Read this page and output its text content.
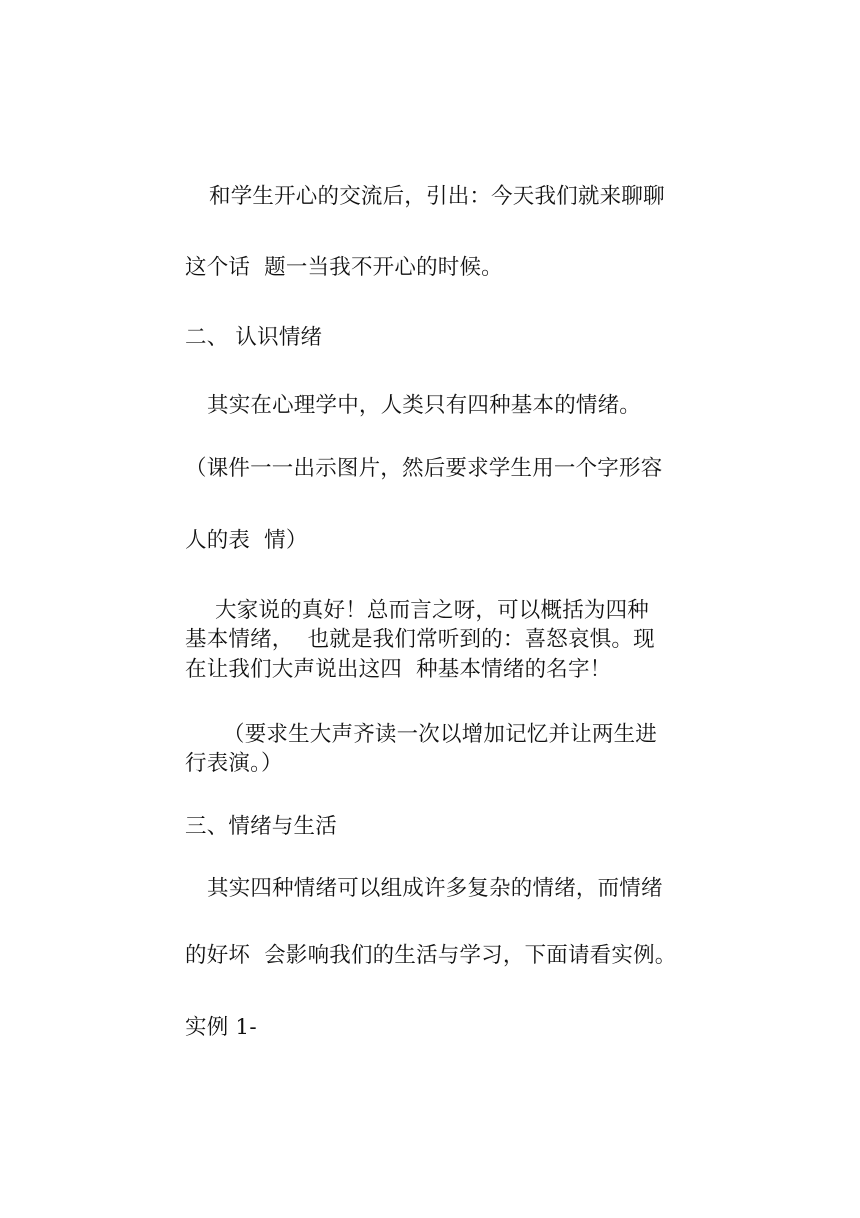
和学生开心的交流后，引出：今天我们就来聊聊
这个话  题一当我不开心的时候。
二、 认识情绪
其实在心理学中，人类只有四种基本的情绪。
（课件一一出示图片，然后要求学生用一个字形容
人的表  情）
大家说的真好！总而言之呀，可以概括为四种
基本情绪，  也就是我们常听到的：喜怒哀惧。现
在让我们大声说出这四  种基本情绪的名字！
（要求生大声齐读一次以增加记忆并让两生进
行表演。）
三、情绪与生活
其实四种情绪可以组成许多复杂的情绪，而情绪
的好坏  会影响我们的生活与学习，下面请看实例。
实例 1-
